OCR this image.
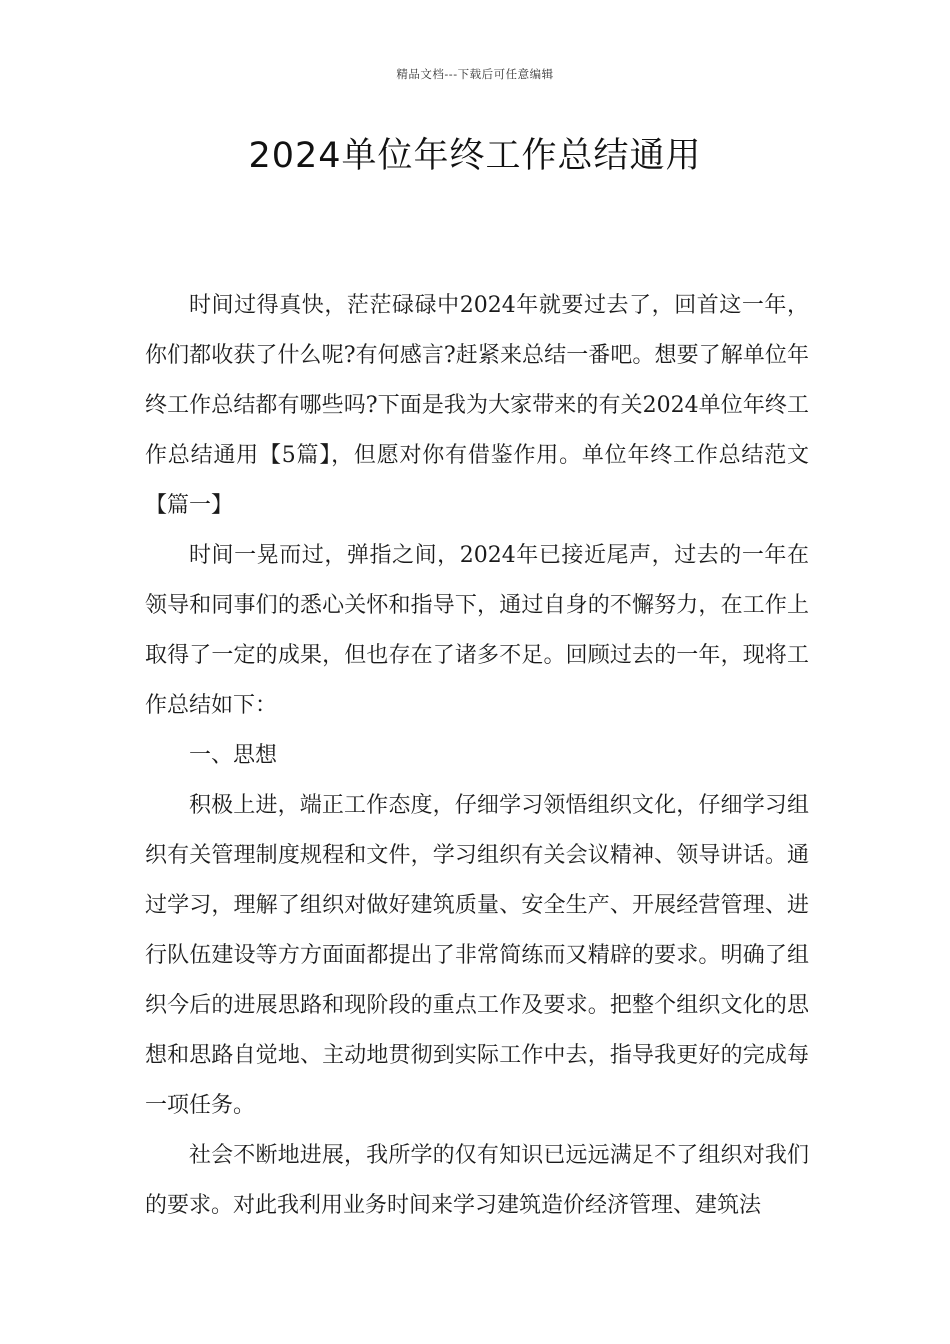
精品文档---下载后可任意编辑
2024单位年终工作总结通用

时间过得真快，茫茫碌碌中2024年就要过去了，回首这一年，你们都收获了什么呢?有何感言?赶紧来总结一番吧。想要了解单位年终工作总结都有哪些吗?下面是我为大家带来的有关2024单位年终工作总结通用【5篇】，但愿对你有借鉴作用。单位年终工作总结范文【篇一】

时间一晃而过，弹指之间，2024年已接近尾声，过去的一年在领导和同事们的悉心关怀和指导下，通过自身的不懈努力，在工作上取得了一定的成果，但也存在了诸多不足。回顾过去的一年，现将工作总结如下：

一、思想

积极上进，端正工作态度，仔细学习领悟组织文化，仔细学习组织有关管理制度规程和文件，学习组织有关会议精神、领导讲话。通过学习，理解了组织对做好建筑质量、安全生产、开展经营管理、进行队伍建设等方方面面都提出了非常简练而又精辟的要求。明确了组织今后的进展思路和现阶段的重点工作及要求。把整个组织文化的思想和思路自觉地、主动地贯彻到实际工作中去，指导我更好的完成每一项任务。

社会不断地进展，我所学的仅有知识已远远满足不了组织对我们的要求。对此我利用业务时间来学习建筑造价经济管理、建筑法
